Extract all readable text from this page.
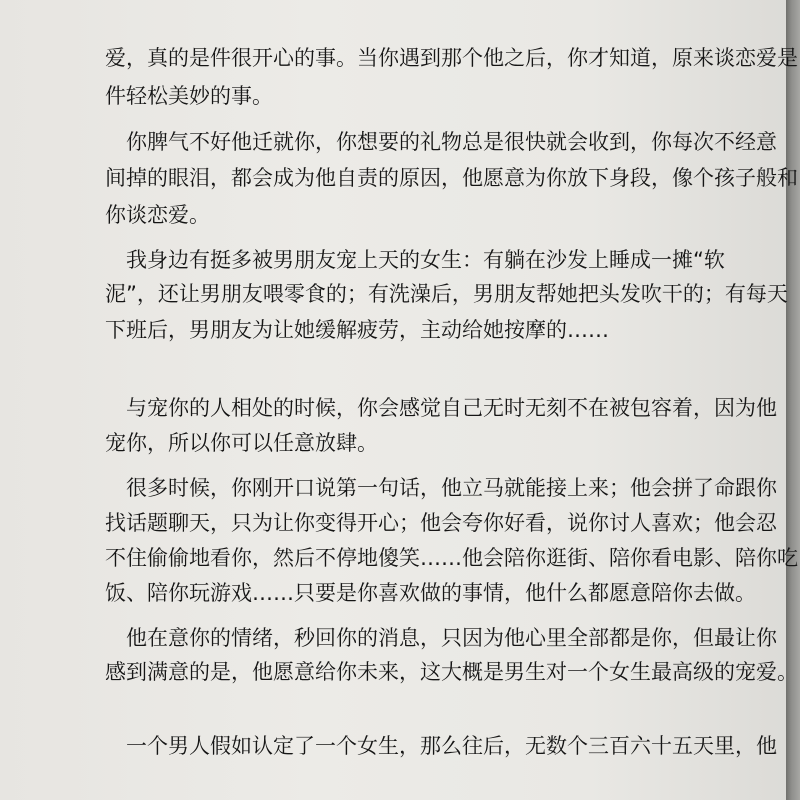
爱，真的是件很开心的事。当你遇到那个他之后，你才知道，原来谈恋爱是
件轻松美妙的事。
你脾气不好他迁就你，你想要的礼物总是很快就会收到，你每次不经意
间掉的眼泪，都会成为他自责的原因，他愿意为你放下身段，像个孩子般和
你谈恋爱。
我身边有挺多被男朋友宠上天的女生：有躺在沙发上睡成一摊“软
泥”，还让男朋友喂零食的；有洗澡后，男朋友帮她把头发吹干的；有每天
下班后，男朋友为让她缓解疲劳，主动给她按摩的……
与宠你的人相处的时候，你会感觉自己无时无刻不在被包容着，因为他
宠你，所以你可以任意放肆。
很多时候，你刚开口说第一句话，他立马就能接上来；他会拼了命跟你
找话题聊天，只为让你变得开心；他会夸你好看，说你讨人喜欢；他会忍
不住偷偷地看你，然后不停地傻笑……他会陪你逛街、陪你看电影、陪你吃
饭、陪你玩游戏……只要是你喜欢做的事情，他什么都愿意陪你去做。
他在意你的情绪，秒回你的消息，只因为他心里全部都是你，但最让你
感到满意的是，他愿意给你未来，这大概是男生对一个女生最高级的宠爱。
一个男人假如认定了一个女生，那么往后，无数个三百六十五天里，他
